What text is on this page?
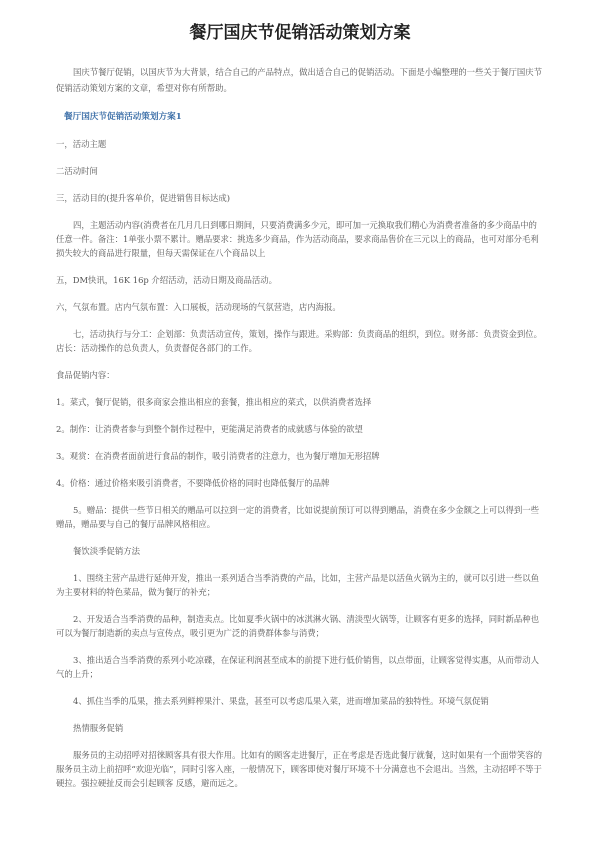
餐厅国庆节促销活动策划方案

国庆节餐厅促销，以国庆节为大背景，结合自己的产品特点，做出适合自己的促销活动。下面是小编整理的一些关于餐厅国庆节促销活动策划方案的文章，希望对你有所帮助。

餐厅国庆节促销活动策划方案1

一，活动主题

二活动时间

三，活动目的(提升客单价，促进销售目标达成)

四，主题活动内容(消费者在几月几日到哪日期间，只要消费满多少元，即可加一元换取我们精心为消费者准备的多少商品中的任意一件。备注：1单张小票不累计。赠品要求：挑选多少商品，作为活动商品，要求商品售价在三元以上的商品，也可对部分毛利损失较大的商品进行限量，但每天需保证在八个商品以上

五，DM快讯，16K 16p 介绍活动，活动日期及商品活动。

六，气氛布置。店内气氛布置：入口展板，活动现场的气氛营造，店内海报。

七，活动执行与分工：企划部：负责活动宣传，策划，操作与跟进。采购部：负责商品的组织，到位。财务部：负责资金到位。店长：活动操作的总负责人，负责督促各部门的工作。

食品促销内容：

1。菜式，餐厅促销，很多商家会推出相应的套餐，推出相应的菜式，以供消费者选择

2。制作：让消费者参与到整个制作过程中，更能满足消费者的成就感与体验的欲望

3。观赏：在消费者面前进行食品的制作，吸引消费者的注意力，也为餐厅增加无形招牌

4。价格：通过价格来吸引消费者，不要降低价格的同时也降低餐厅的品牌

5。赠品：提供一些节日相关的赠品可以拉到一定的消费者，比如说提前预订可以得到赠品，消费在多少金额之上可以得到一些赠品，赠品要与自己的餐厅品牌风格相应。

餐饮淡季促销方法

1、围绕主营产品进行延伸开发，推出一系列适合当季消费的产品，比如，主营产品是以活鱼火锅为主的，就可以引进一些以鱼为主要材料的特色菜品，做为餐厅的补充；

2、开发适合当季消费的品种，制造卖点。比如夏季火锅中的冰淇淋火锅、清淡型火锅等，让顾客有更多的选择，同时新品种也可以为餐厅制造新的卖点与宣传点，吸引更为广泛的消费群体参与消费；

3、推出适合当季消费的系列小吃凉碟，在保证利润甚至成本的前提下进行低价销售，以点带面，让顾客觉得实惠，从而带动人气的上升；

4、抓住当季的瓜果，推去系列鲜榨果汁、果盘，甚至可以考虑瓜果入菜，进而增加菜品的独特性。环境气氛促销

热情服务促销

服务员的主动招呼对招徕顾客具有很大作用。比如有的顾客走进餐厅，正在考虑是否选此餐厅就餐，这时如果有一个面带笑容的服务员主动上前招呼“欢迎光临”，同时引客入座，一般情况下，顾客即使对餐厅环境不十分满意也不会退出。当然，主动招呼不等于硬拉。强拉硬扯反而会引起顾客 反感，避而远之。
